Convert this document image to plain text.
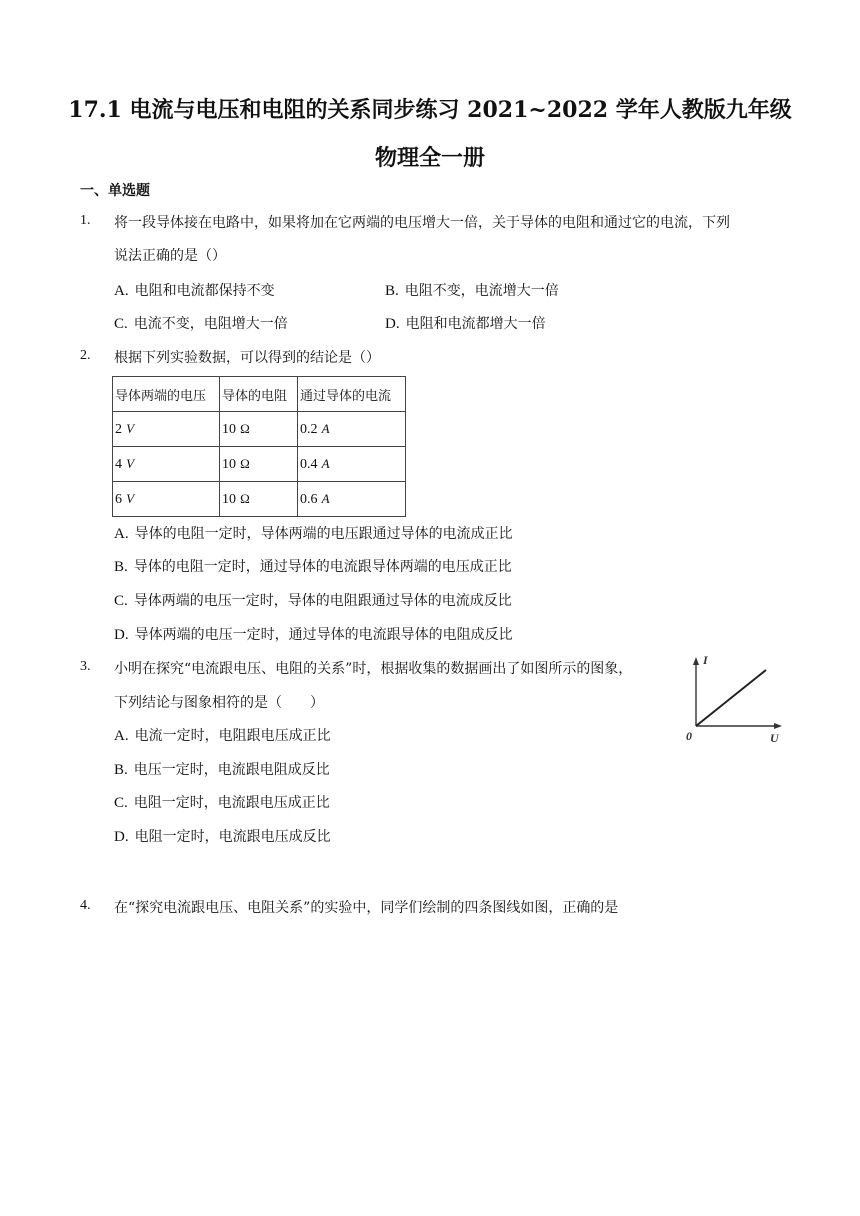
17.1 电流与电压和电阻的关系同步练习 2021~2022 学年人教版九年级
物理全一册
一、单选题
1. 将一段导体接在电路中，如果将加在它两端的电压增大一倍，关于导体的电阻和通过它的电流，下列
说法正确的是（）
A. 电阻和电流都保持不变	B. 电阻不变，电流增大一倍
C. 电流不变，电阻增大一倍	D. 电阻和电流都增大一倍
2. 根据下列实验数据，可以得到的结论是（）
导体两端的电压	导体的电阻	通过导体的电流
2 V	10 Ω	0.2 A
4 V	10 Ω	0.4 A
6 V	10 Ω	0.6 A
A. 导体的电阻一定时，导体两端的电压跟通过导体的电流成正比
B. 导体的电阻一定时，通过导体的电流跟导体两端的电压成正比
C. 导体两端的电压一定时，导体的电阻跟通过导体的电流成反比
D. 导体两端的电压一定时，通过导体的电流跟导体的电阻成反比
3. 小明在探究“电流跟电压、电阻的关系”时，根据收集的数据画出了如图所示的图象，
下列结论与图象相符的是（　　）
I
0	U
A. 电流一定时，电阻跟电压成正比
B. 电压一定时，电流跟电阻成反比
C. 电阻一定时，电流跟电压成正比
D. 电阻一定时，电流跟电压成反比
4. 在“探究电流跟电压、电阻关系”的实验中，同学们绘制的四条图线如图，正确的是
